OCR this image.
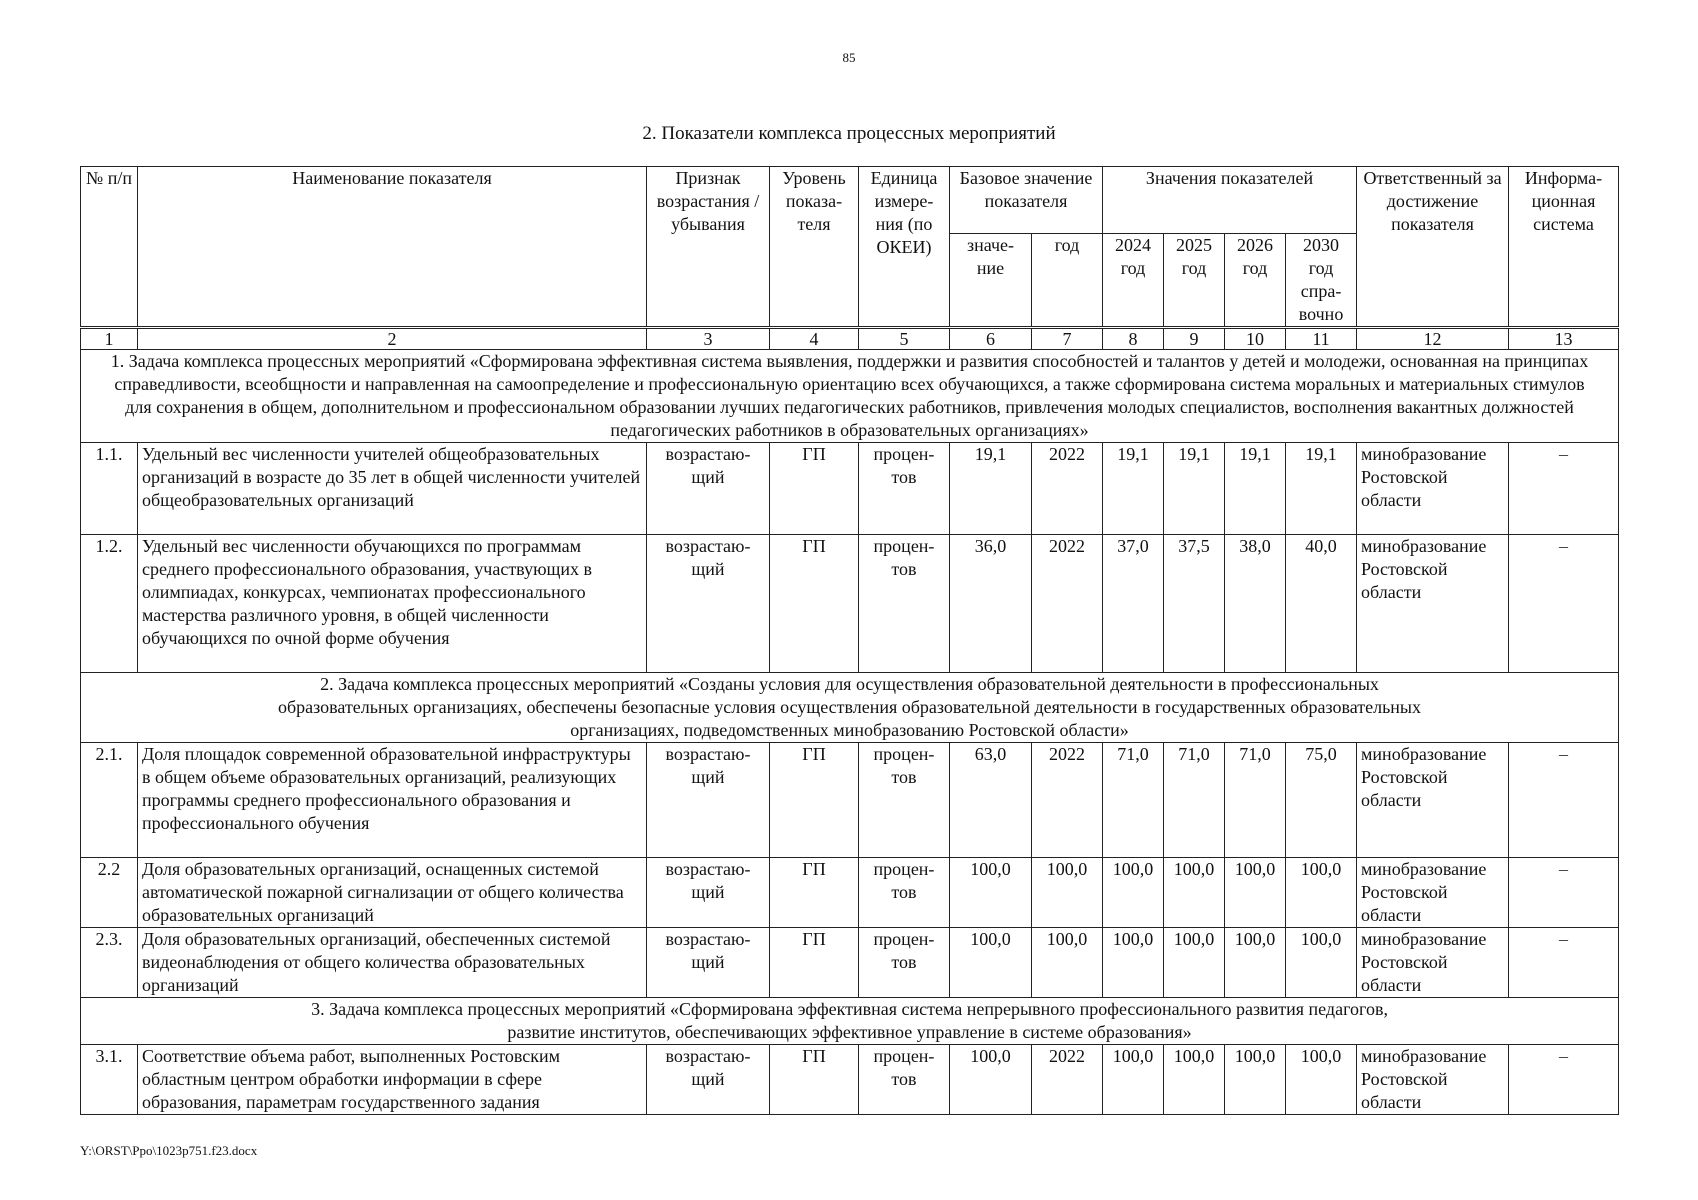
85
2. Показатели комплекса процессных мероприятий
№ п/п	Наименование показателя	Признак возрастания / убывания	Уровень показа-теля	Единица измере-ния (по ОКЕИ)	Базовое значение показателя		Значения показателей				Ответственный за достижение показателя	Информа-ционная система
					значе-ние	год	2024 год	2025 год	2026 год	2030 год спра-вочно		
1	2	3	4	5	6	7	8	9	10	11	12	13
1. Задача комплекса процессных мероприятий «Сформирована эффективная система выявления, поддержки и развития способностей и талантов у детей и молодежи, основанная на принципах справедливости, всеобщности и направленная на самоопределение и профессиональную ориентацию всех обучающихся, а также сформирована система моральных и материальных стимулов для сохранения в общем, дополнительном и профессиональном образовании лучших педагогических работников, привлечения молодых специалистов, восполнения вакантных должностей педагогических работников в образовательных организациях»												
1.1.	Удельный вес численности учителей общеобразовательных организаций в возрасте до 35 лет в общей численности учителей общеобразовательных организаций	возрастаю-щий	ГП	процен-тов	19,1	2022	19,1	19,1	19,1	19,1	минобразование Ростовской области	–
1.2.	Удельный вес численности обучающихся по программам среднего профессионального образования, участвующих в олимпиадах, конкурсах, чемпионатах профессионального мастерства различного уровня, в общей численности обучающихся по очной форме обучения	возрастаю-щий	ГП	процен-тов	36,0	2022	37,0	37,5	38,0	40,0	минобразование Ростовской области	–
2. Задача комплекса процессных мероприятий «Созданы условия для осуществления образовательной деятельности в профессиональных образовательных организациях, обеспечены безопасные условия осуществления образовательной деятельности в государственных образовательных организациях, подведомственных минобразованию Ростовской области»												
2.1.	Доля площадок современной образовательной инфраструктуры в общем объеме образовательных организаций, реализующих программы среднего профессионального образования и профессионального обучения	возрастаю-щий	ГП	процен-тов	63,0	2022	71,0	71,0	71,0	75,0	минобразование Ростовской области	–
2.2	Доля образовательных организаций, оснащенных системой автоматической пожарной сигнализации от общего количества образовательных организаций	возрастаю-щий	ГП	процен-тов	100,0	100,0	100,0	100,0	100,0	100,0	минобразование Ростовской области	–
2.3.	Доля образовательных организаций, обеспеченных системой видеонаблюдения от общего количества образовательных организаций	возрастаю-щий	ГП	процен-тов	100,0	100,0	100,0	100,0	100,0	100,0	минобразование Ростовской области	–
3. Задача комплекса процессных мероприятий «Сформирована эффективная система непрерывного профессионального развития педагогов, развитие институтов, обеспечивающих эффективное управление в системе образования»												
3.1.	Соответствие объема работ, выполненных Ростовским областным центром обработки информации в сфере образования, параметрам государственного задания	возрастаю-щий	ГП	процен-тов	100,0	2022	100,0	100,0	100,0	100,0	минобразование Ростовской области	–
Y:\ORST\Ppo\1023p751.f23.docx
